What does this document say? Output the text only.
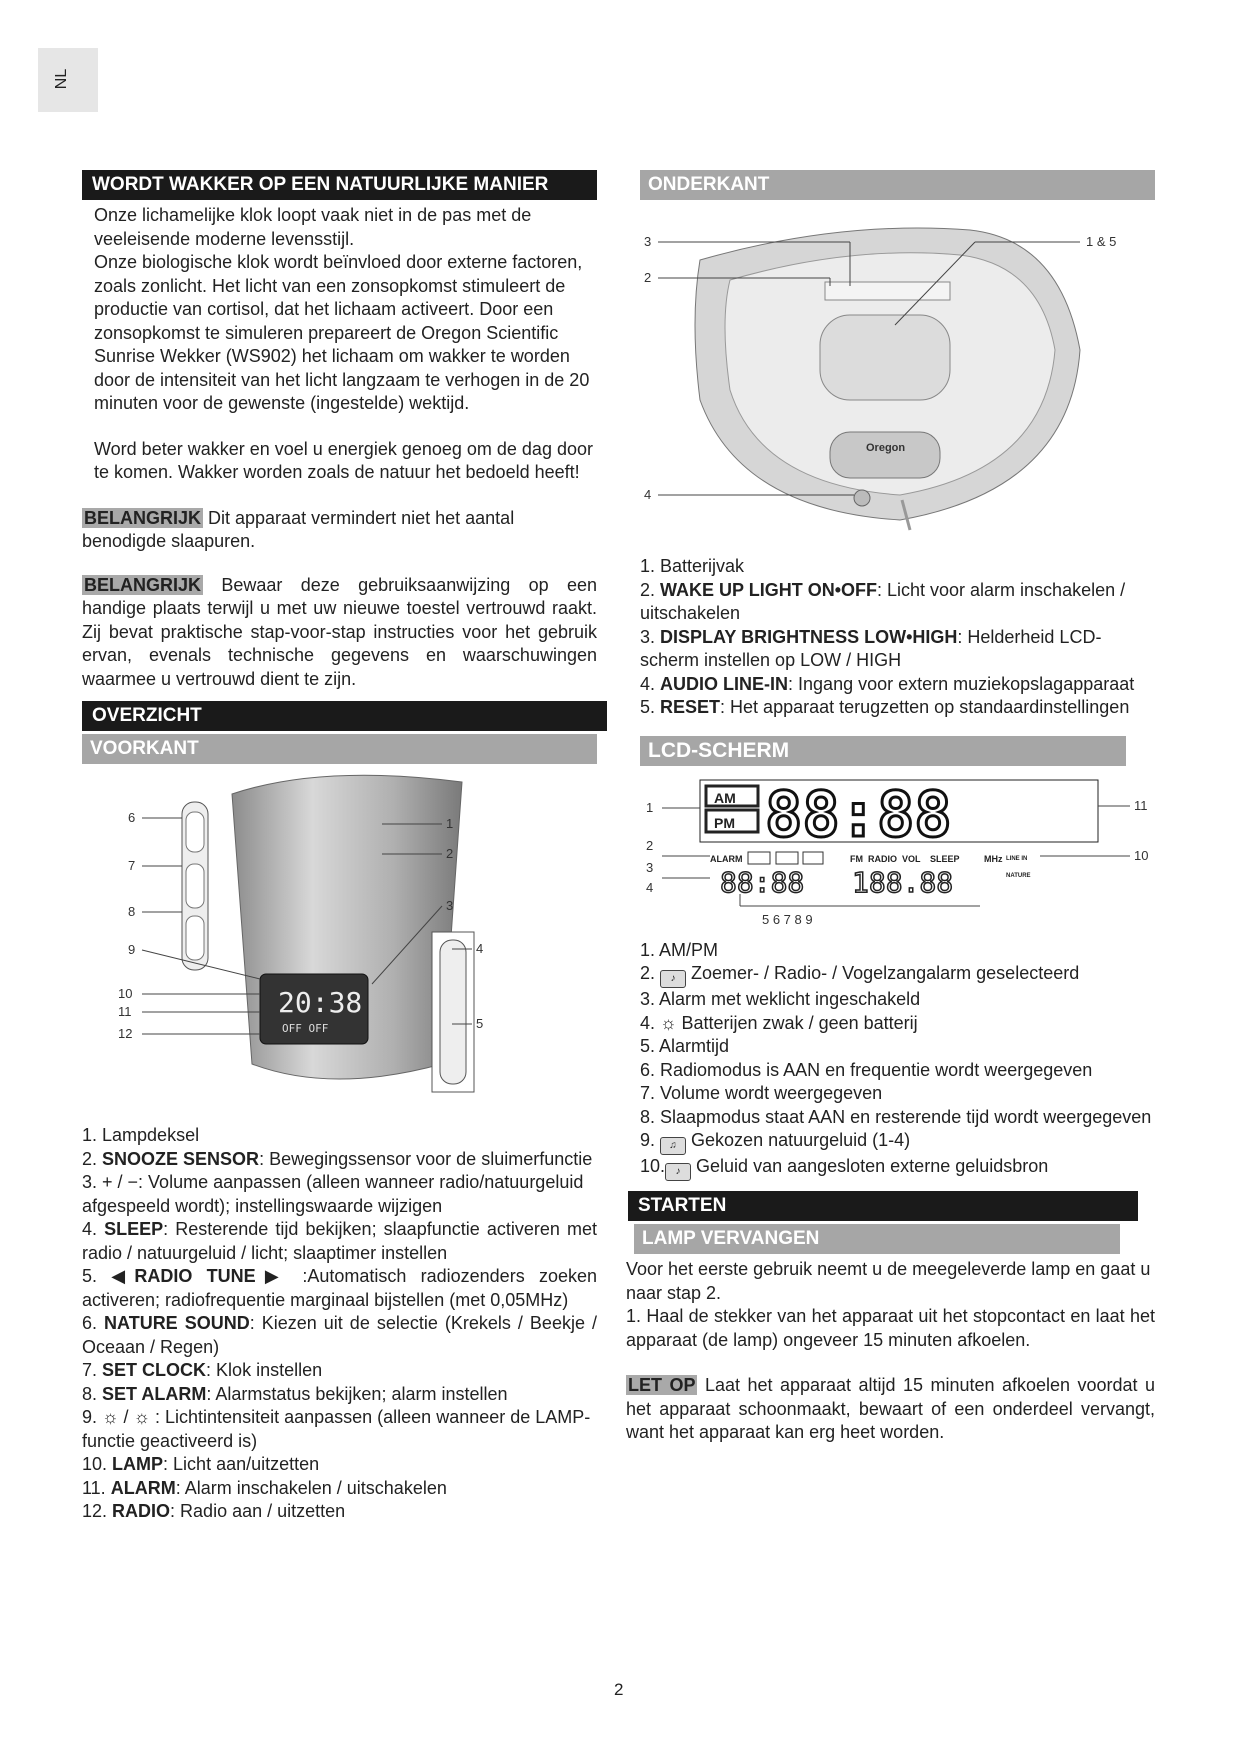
NL
WORDT WAKKER OP EEN NATUURLIJKE MANIER

Onze lichamelijke klok loopt vaak niet in de pas met de veeleisende moderne levensstijl.

Onze biologische klok wordt beïnvloed door externe factoren, zoals zonlicht. Het licht van een zonsopkomst stimuleert de productie van cortisol, dat het lichaam activeert. Door een zonsopkomst te simuleren prepareert de Oregon Scientific Sunrise Wekker (WS902) het lichaam om wakker te worden door de intensiteit van het licht langzaam te verhogen in de 20 minuten voor de gewenste (ingestelde) wektijd.

Word beter wakker en voel u energiek genoeg om de dag door te komen. Wakker worden zoals de natuur het bedoeld heeft!

BELANGRIJK Dit apparaat vermindert niet het aantal benodigde slaapuren.

BELANGRIJK Bewaar deze gebruiksaanwijzing op een handige plaats terwijl u met uw nieuwe toestel vertrouwd raakt. Zij bevat praktische stap-voor-stap instructies voor het gebruik ervan, evenals technische gegevens en waarschuwingen waarmee u vertrouwd dient te zijn.

OVERZICHT
VOORKANT
20:38
OFF OFF
1
2
3
4
5
6
7
8
9
10
11
12
1. Lampdeksel
2. SNOOZE SENSOR: Bewegingssensor voor de sluimerfunctie
3. + / −: Volume aanpassen (alleen wanneer radio/natuurgeluid afgespeeld wordt); instellingswaarde wijzigen
4. SLEEP: Resterende tijd bekijken; slaapfunctie activeren met radio / natuurgeluid / licht; slaaptimer instellen
5. ◀RADIO TUNE▶ :Automatisch radiozenders zoeken activeren; radiofrequentie marginaal bijstellen (met 0,05MHz)
6. NATURE SOUND: Kiezen uit de selectie (Krekels / Beekje / Oceaan / Regen)
7. SET CLOCK: Klok instellen
8. SET ALARM: Alarmstatus bekijken; alarm instellen
9. ☼ / ☼ : Lichtintensiteit aanpassen (alleen wanneer de LAMP-functie geactiveerd is)
10. LAMP: Licht aan/uitzetten
11. ALARM: Alarm inschakelen / uitschakelen
12. RADIO: Radio aan / uitzetten
ONDERKANT
Oregon
3
2
1 & 5
4
1. Batterijvak
2. WAKE UP LIGHT ON•OFF: Licht voor alarm inschakelen / uitschakelen
3. DISPLAY BRIGHTNESS LOW•HIGH: Helderheid LCD-scherm instellen op LOW / HIGH
4. AUDIO LINE-IN: Ingang voor extern muziekopslagapparaat
5. RESET: Het apparaat terugzetten op standaardinstellingen
LCD-SCHERM
AM
PM 88:88
ALARM	FM RADIO VOL SLEEP	MHz LINE IN
NATURE
88:88 188.88
1
2
3
4
5 6 7 8 9
11
10
1. AM/PM
2. ♪ Zoemer- / Radio- / Vogelzangalarm geselecteerd
3. Alarm met weklicht ingeschakeld
4. ☼ Batterijen zwak / geen batterij
5. Alarmtijd
6. Radiomodus is AAN en frequentie wordt weergegeven
7. Volume wordt weergegeven
8. Slaapmodus staat AAN en resterende tijd wordt weergegeven
9. ♫ Gekozen natuurgeluid (1-4)
10. ♪ Geluid van aangesloten externe geluidsbron
STARTEN
LAMP VERVANGEN

Voor het eerste gebruik neemt u de meegeleverde lamp en gaat u naar stap 2.

1. Haal de stekker van het apparaat uit het stopcontact en laat het apparaat (de lamp) ongeveer 15 minuten afkoelen.

LET OP Laat het apparaat altijd 15 minuten afkoelen voordat u het apparaat schoonmaakt, bewaart of een onderdeel vervangt, want het apparaat kan erg heet worden.

2
